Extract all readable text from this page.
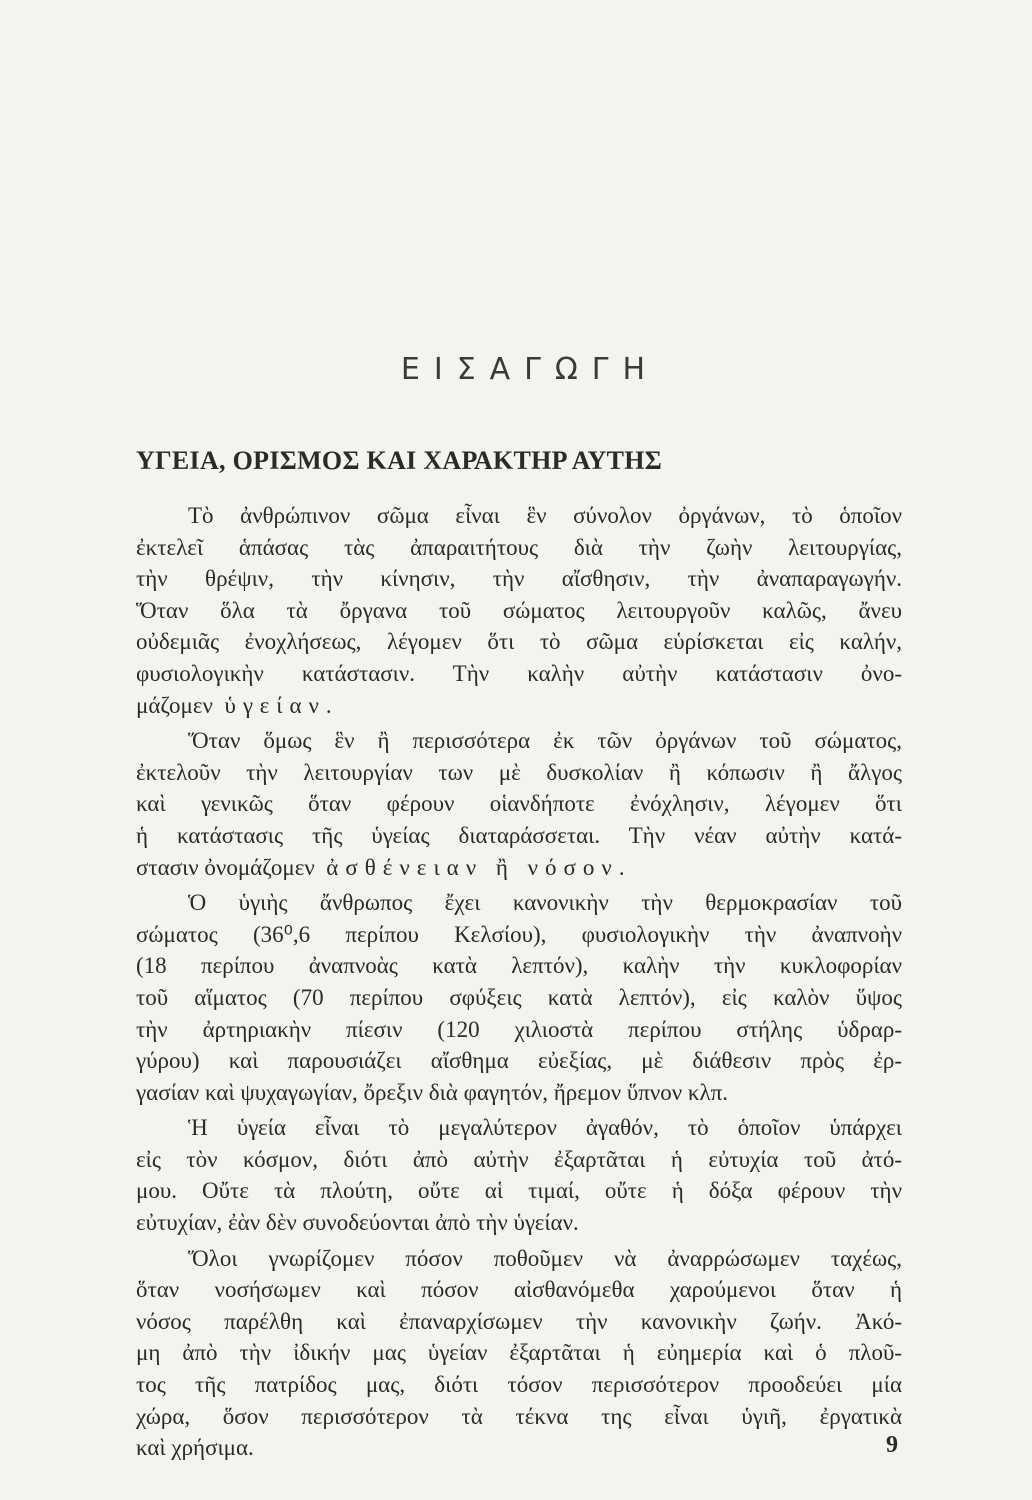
ΕΙΣΑΓΩΓΗ
ΥΓΕΙΑ, ΟΡΙΣΜΟΣ ΚΑΙ ΧΑΡΑΚΤΗΡ ΑΥΤΗΣ

Τὸ ἀνθρώπινον σῶμα εἶναι ἓν σύνολον ὀργάνων, τὸ ὁποῖον
ἐκτελεῖ ἁπάσας τὰς ἀπαραιτήτους διὰ τὴν ζωὴν λειτουργίας,
τὴν θρέψιν, τὴν κίνησιν, τὴν αἴσθησιν, τὴν ἀναπαραγωγήν.
Ὅταν ὅλα τὰ ὄργανα τοῦ σώματος λειτουργοῦν καλῶς, ἄνευ
οὐδεμιᾶς ἐνοχλήσεως, λέγομεν ὅτι τὸ σῶμα εὑρίσκεται εἰς καλήν,
φυσιολογικὴν κατάστασιν. Τὴν καλὴν αὐτὴν κατάστασιν ὀνο-
μάζομεν ὑγείαν.

Ὅταν ὅμως ἓν ἢ περισσότερα ἐκ τῶν ὀργάνων τοῦ σώματος,
ἐκτελοῦν τὴν λειτουργίαν των μὲ δυσκολίαν ἢ κόπωσιν ἢ ἄλγος
καὶ γενικῶς ὅταν φέρουν οἱανδήποτε ἐνόχλησιν, λέγομεν ὅτι
ἡ κατάστασις τῆς ὑγείας διαταράσσεται. Τὴν νέαν αὐτὴν κατά-
στασιν ὀνομάζομεν ἀσθένειαν ἢ νόσον.

Ὁ ὑγιὴς ἄνθρωπος ἔχει κανονικὴν τὴν θερμοκρασίαν τοῦ
σώματος (36⁰,6 περίπου Κελσίου), φυσιολογικὴν τὴν ἀναπνοὴν
(18 περίπου ἀναπνοὰς κατὰ λεπτόν), καλὴν τὴν κυκλοφορίαν
τοῦ αἵματος (70 περίπου σφύξεις κατὰ λεπτόν), εἰς καλὸν ὕψος
τὴν ἀρτηριακὴν πίεσιν (120 χιλιοστὰ περίπου στήλης ὑδραρ-
γύρου) καὶ παρουσιάζει αἴσθημα εὐεξίας, μὲ διάθεσιν πρὸς ἐρ-
γασίαν καὶ ψυχαγωγίαν, ὄρεξιν διὰ φαγητόν, ἤρεμον ὕπνον κλπ.

Ἡ ὑγεία εἶναι τὸ μεγαλύτερον ἀγαθόν, τὸ ὁποῖον ὑπάρχει
εἰς τὸν κόσμον, διότι ἀπὸ αὐτὴν ἐξαρτᾶται ἡ εὐτυχία τοῦ ἀτό-
μου. Οὔτε τὰ πλούτη, οὔτε αἱ τιμαί, οὔτε ἡ δόξα φέρουν τὴν
εὐτυχίαν, ἐὰν δὲν συνοδεύονται ἀπὸ τὴν ὑγείαν.

Ὅλοι γνωρίζομεν πόσον ποθοῦμεν νὰ ἀναρρώσωμεν ταχέως,
ὅταν νοσήσωμεν καὶ πόσον αἰσθανόμεθα χαρούμενοι ὅταν ἡ
νόσος παρέλθη καὶ ἐπαναρχίσωμεν τὴν κανονικὴν ζωήν. Ἀκό-
μη ἀπὸ τὴν ἰδικήν μας ὑγείαν ἐξαρτᾶται ἡ εὐημερία καὶ ὁ πλοῦ-
τος τῆς πατρίδος μας, διότι τόσον περισσότερον προοδεύει μία
χώρα, ὅσον περισσότερον τὰ τέκνα της εἶναι ὑγιῆ, ἐργατικὰ
καὶ χρήσιμα.	9
